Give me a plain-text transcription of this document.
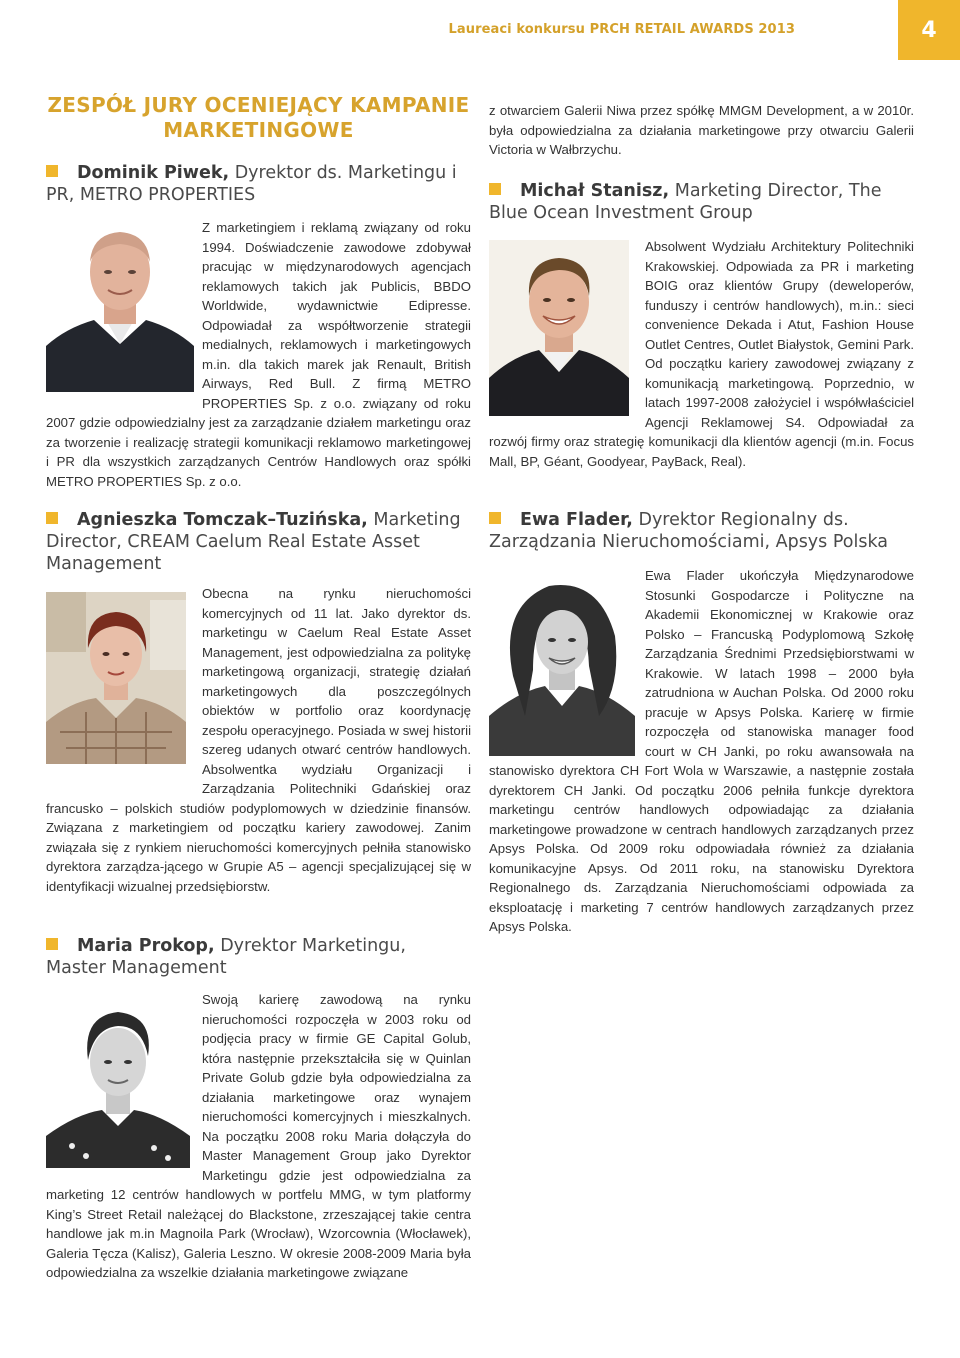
Laureaci konkursu PRCH RETAIL AWARDS 2013	4
ZESPÓŁ JURY OCENIEJĄCY KAMPANIE MARKETINGOWE
Dominik Piwek, Dyrektor ds. Marketingu i PR, METRO PROPERTIES

Z marketingiem i reklamą związany od roku 1994. Doświadczenie zawodowe zdobywał pracując w międzynarodowych agencjach reklamowych takich jak Publicis, BBDO Worldwide, wydawnictwie Edipresse. Odpowiadał za współtworzenie strategii medialnych, reklamowych i marketingowych m.in. dla takich marek jak Renault, British Airways, Red Bull. Z firmą METRO PROPERTIES Sp. z o.o. związany od roku 2007 gdzie odpowiedzialny jest za zarządzanie działem marketingu oraz za tworzenie i realizację strategii komunikacji reklamowo marketingowej i PR dla wszystkich zarządzanych Centrów Handlowych oraz spółki METRO PROPERTIES Sp. z o.o.

Agnieszka Tomczak–Tuzińska, Marketing Director, CREAM Caelum Real Estate Asset Management

Obecna na rynku nieruchomości komercyjnych od 11 lat. Jako dyrektor ds. marketingu w Caelum Real Estate Asset Management, jest odpowiedzialna za politykę marketingową organizacji, strategię działań marketingowych dla poszczególnych obiektów w portfolio oraz koordynację zespołu operacyjnego. Posiada w swej historii szereg udanych otwarć centrów handlowych. Absolwentka wydziału Organizacji i Zarządzania Politechniki Gdańskiej oraz francusko – polskich studiów podyplomowych w dziedzinie finansów. Związana z marketingiem od początku kariery zawodowej. Zanim związała się z rynkiem nieruchomości komercyjnych pełniła stanowisko dyrektora zarządza-jącego w Grupie A5 – agencji specjalizującej się w identyfikacji wizualnej przedsiębiorstw.

Maria Prokop, Dyrektor Marketingu, Master Management

Swoją karierę zawodową na rynku nieruchomości rozpoczęła w 2003 roku od podjęcia pracy w firmie GE Capital Golub, która następnie przekształciła się w Quinlan Private Golub gdzie była odpowiedzialna za działania marketingowe oraz wynajem nieruchomości komercyjnych i mieszkalnych. Na początku 2008 roku Maria dołączyła do Master Management Group jako Dyrektor Marketingu gdzie jest odpowiedzialna za marketing 12 centrów handlowych w portfelu MMG, w tym platformy King’s Street Retail należącej do Blackstone, zrzeszającej takie centra handlowe jak m.in Magnoila Park (Wrocław), Wzorcownia (Włocławek), Galeria Tęcza (Kalisz), Galeria Leszno. W okresie 2008-2009 Maria była odpowiedzialna za wszelkie działania marketingowe związane

z otwarciem Galerii Niwa przez spółkę MMGM Development, a w 2010r. była odpowiedzialna za działania marketingowe przy otwarciu Galerii Victoria w Wałbrzychu.

Michał Stanisz, Marketing Director, The Blue Ocean Investment Group

Absolwent Wydziału Architektury Politechniki Krakowskiej. Odpowiada za PR i marketing BOIG oraz klientów Grupy (deweloperów, funduszy i centrów handlowych), m.in.: sieci convenience Dekada i Atut, Fashion House Outlet Centres, Outlet Białystok, Gemini Park. Od początku kariery zawodowej związany z komunikacją marketingową. Poprzednio, w latach 1997-2008 założyciel i współwłaściciel Agencji Reklamowej S4. Odpowiadał za rozwój firmy oraz strategię komunikacji dla klientów agencji (m.in. Focus Mall, BP, Géant, Goodyear, PayBack, Real).

Ewa Flader, Dyrektor Regionalny ds. Zarządzania Nieruchomościami, Apsys Polska

Ewa Flader ukończyła Międzynarodowe Stosunki Gospodarcze i Polityczne na Akademii Ekonomicznej w Krakowie oraz Polsko – Francuską Podyplomową Szkołę Zarządzania Średnimi Przedsiębiorstwami w Krakowie. W latach 1998 – 2000 była zatrudniona w Auchan Polska. Od 2000 roku pracuje w Apsys Polska. Karierę w firmie rozpoczęła od stanowiska manager food court w CH Janki, po roku awansowała na stanowisko dyrektora CH Fort Wola w Warszawie, a następnie została dyrektorem CH Janki. Od początku 2006 pełniła funkcje dyrektora marketingu centrów handlowych odpowiadając za działania marketingowe prowadzone w centrach handlowych zarządzanych przez Apsys Polska. Od 2009 roku odpowiadała również za działania komunikacyjne Apsys. Od 2011 roku, na stanowisku Dyrektora Regionalnego ds. Zarządzania Nieruchomościami odpowiada za eksploatację i marketing 7 centrów handlowych zarządzanych przez Apsys Polska.
